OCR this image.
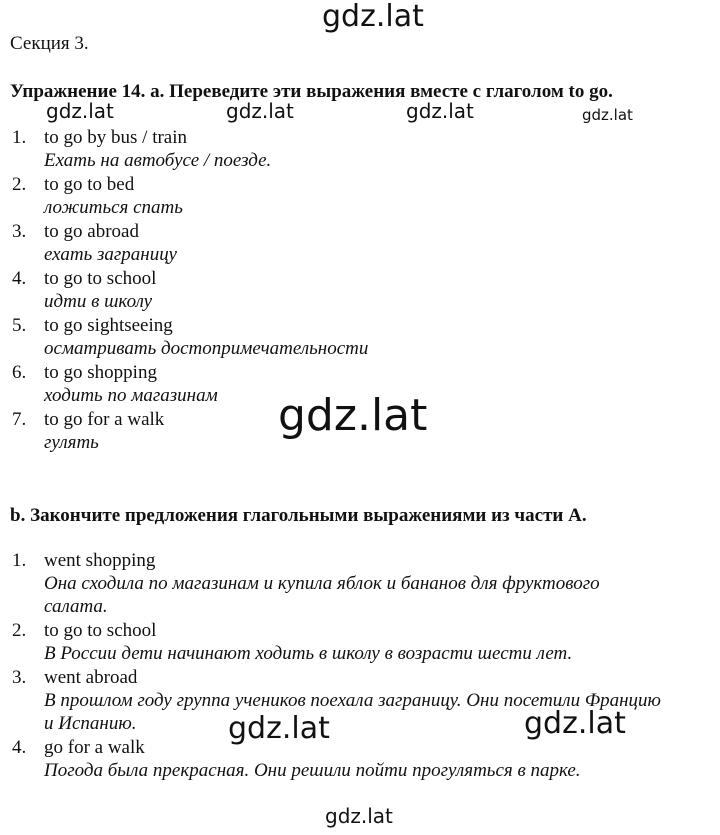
gdz.lat
Секция 3.
Упражнение 14. а. Переведите эти выражения вместе с глаголом to go.
gdz.lat	gdz.lat	gdz.lat	gdz.lat
1. to go by bus / train
Ехать на автобусе / поезде.
2. to go to bed
ложиться спать
3. to go abroad
ехать заграницу
4. to go to school
идти в школу
5. to go sightseeing
осматривать достопримечательности
6. to go shopping
ходить по магазинам
7. to go for a walk
гулять
gdz.lat
b. Закончите предложения глагольными выражениями из части А.
1. went shopping
Она сходила по магазинам и купила яблок и бананов для фруктового
салата.
2. to go to school
В России дети начинают ходить в школу в возрасти шести лет.
3. went abroad
В прошлом году группа учеников поехала заграницу. Они посетили Францию
и Испанию.
4. go for a walk
Погода была прекрасная. Они решили пойти прогуляться в парке.
gdz.lat	gdz.lat
gdz.lat
